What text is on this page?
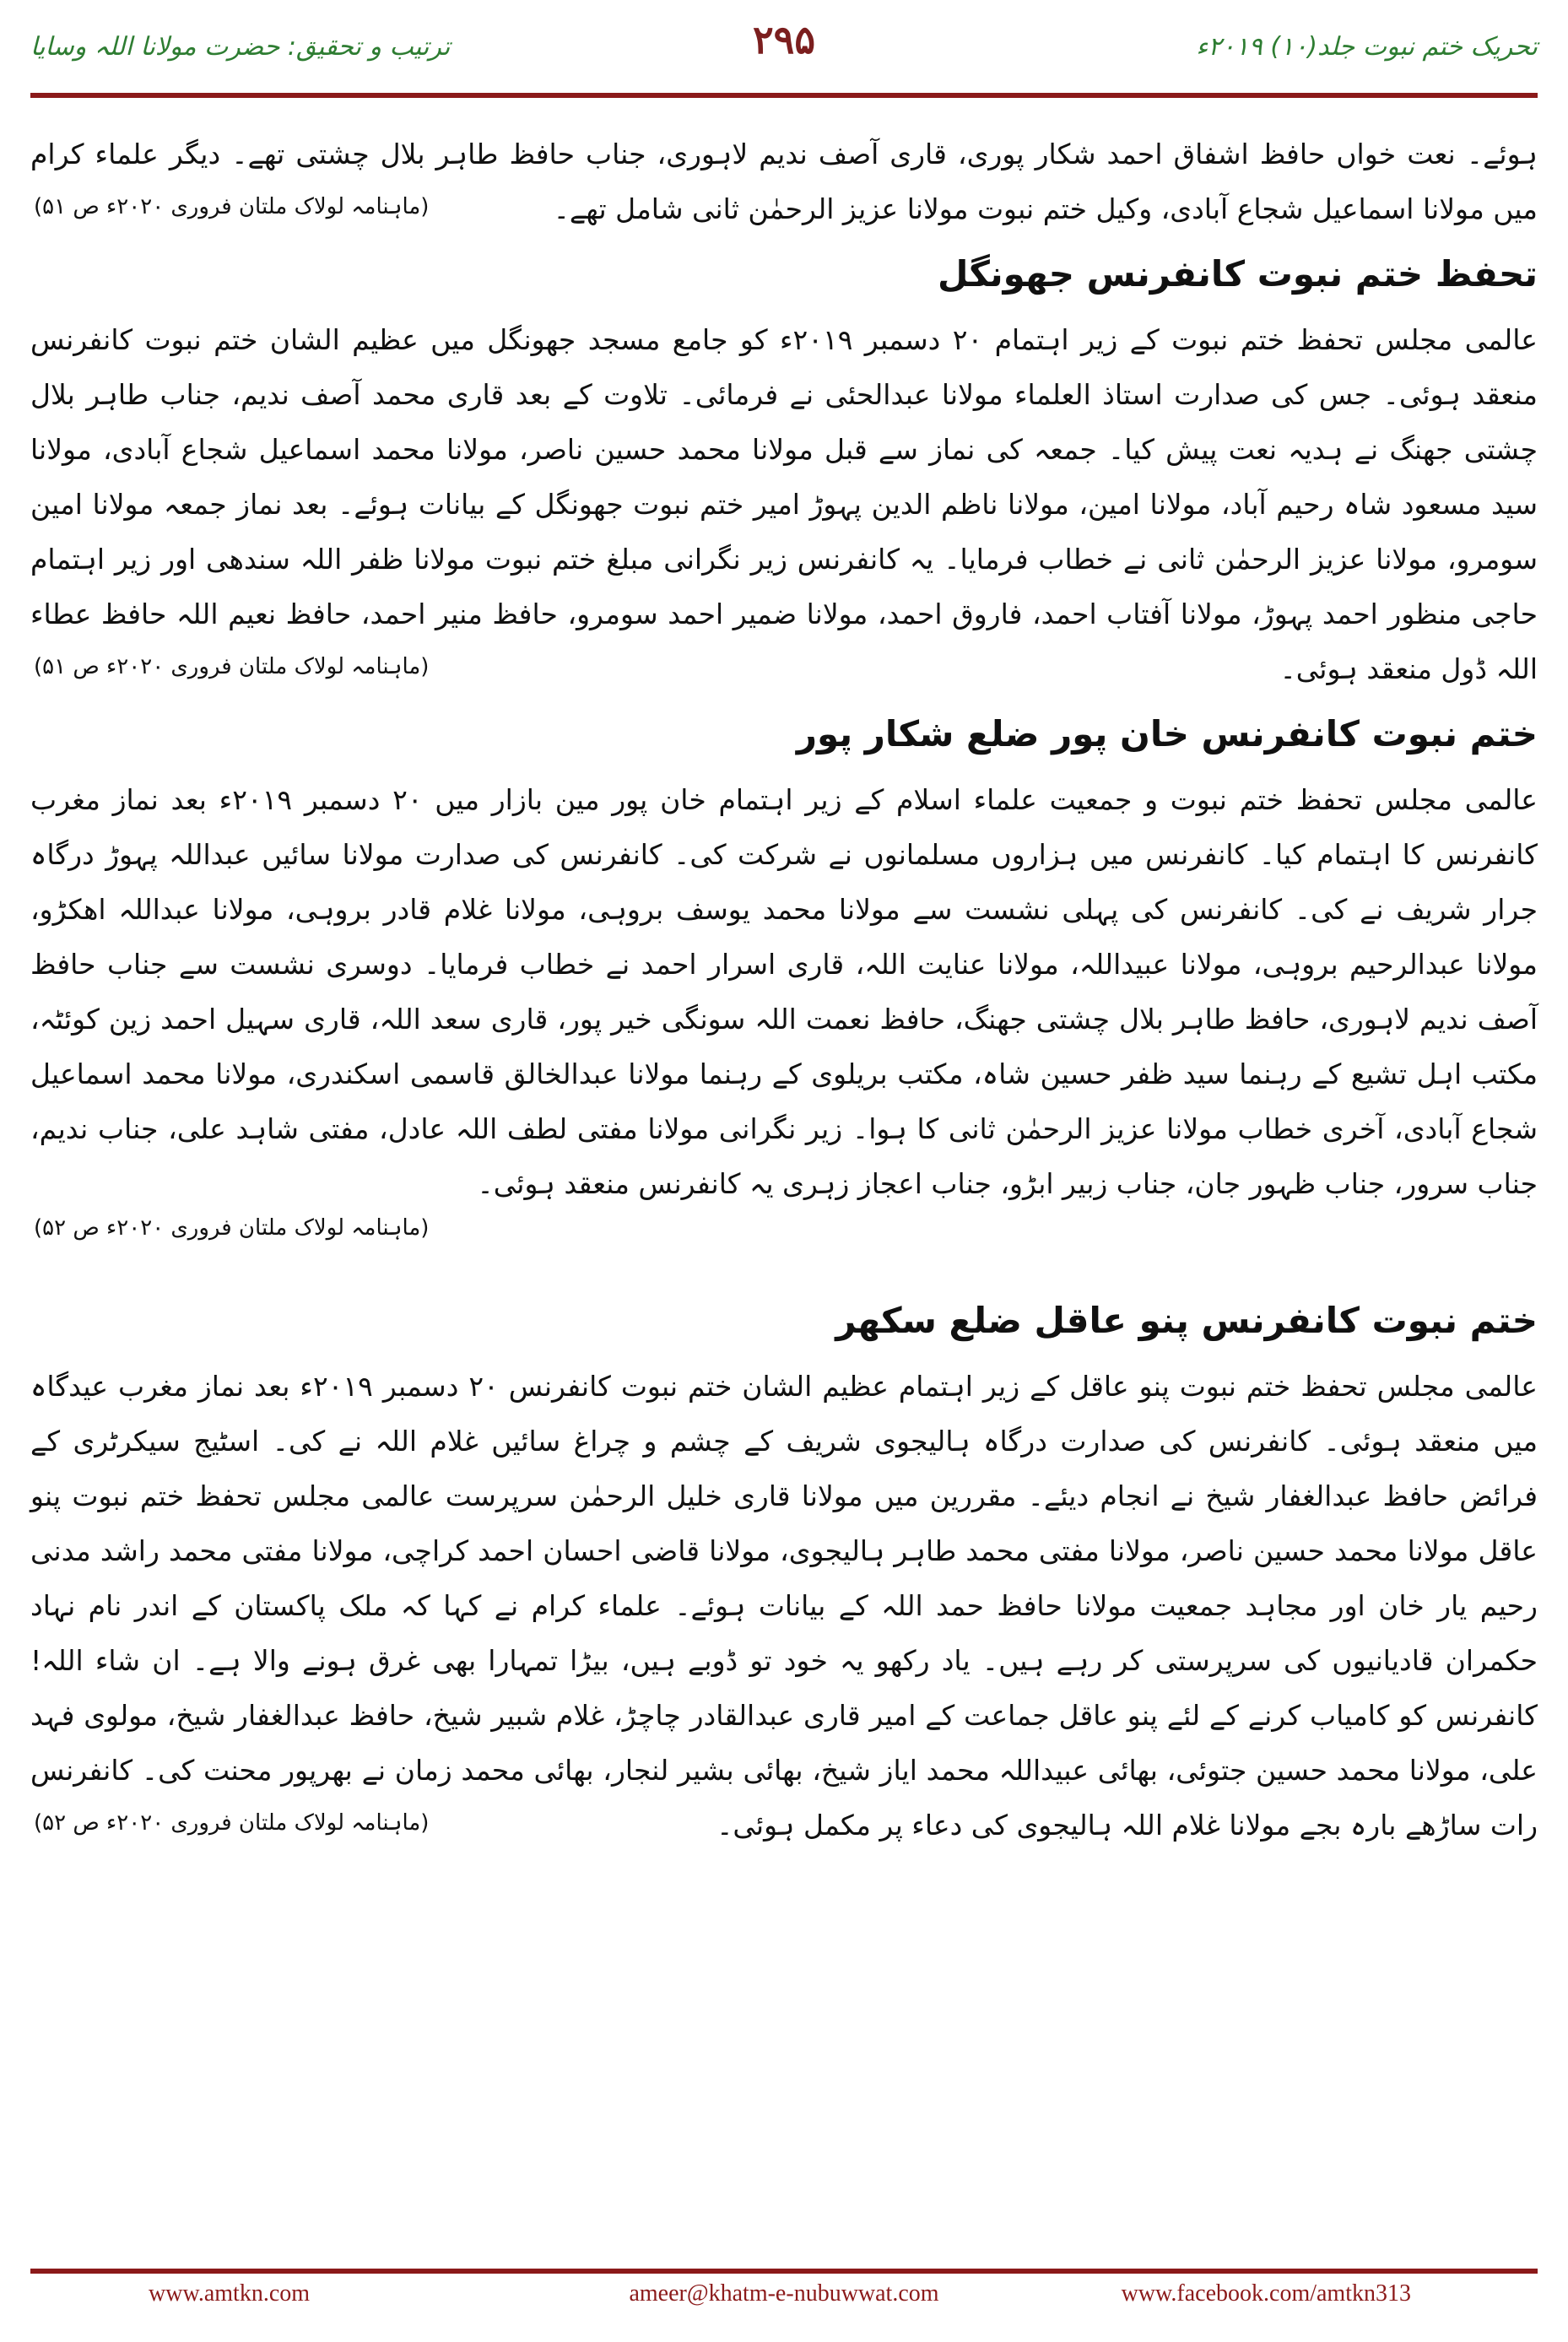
تحریک ختم نبوت جلد(۱۰) ۲۰۱۹ء
۲۹۵
ترتیب و تحقیق: حضرت مولانا اللہ وسایا

ہوئے۔ نعت خواں حافظ اشفاق احمد شکار پوری، قاری آصف ندیم لاہوری، جناب حافظ طاہر بلال چشتی تھے۔ دیگر علماء کرام میں مولانا اسماعیل شجاع آبادی، وکیل ختم نبوت مولانا عزیز الرحمٰن ثانی شامل تھے۔

(ماہنامہ لولاک ملتان فروری ۲۰۲۰ء ص ۵۱)
تحفظ ختم نبوت کانفرنس جھونگل

عالمی مجلس تحفظ ختم نبوت کے زیر اہتمام ۲۰ دسمبر ۲۰۱۹ء کو جامع مسجد جھونگل میں عظیم الشان ختم نبوت کانفرنس منعقد ہوئی۔ جس کی صدارت استاذ العلماء مولانا عبدالحئی نے فرمائی۔ تلاوت کے بعد قاری محمد آصف ندیم، جناب طاہر بلال چشتی جھنگ نے ہدیہ نعت پیش کیا۔ جمعہ کی نماز سے قبل مولانا محمد حسین ناصر، مولانا محمد اسماعیل شجاع آبادی، مولانا سید مسعود شاہ رحیم آباد، مولانا امین، مولانا ناظم الدین پہوڑ امیر ختم نبوت جھونگل کے بیانات ہوئے۔ بعد نماز جمعہ مولانا امین سومرو، مولانا عزیز الرحمٰن ثانی نے خطاب فرمایا۔ یہ کانفرنس زیر نگرانی مبلغ ختم نبوت مولانا ظفر اللہ سندھی اور زیر اہتمام حاجی منظور احمد پہوڑ، مولانا آفتاب احمد، فاروق احمد، مولانا ضمیر احمد سومرو، حافظ منیر احمد، حافظ نعیم اللہ حافظ عطاء اللہ ڈول منعقد ہوئی۔

(ماہنامہ لولاک ملتان فروری ۲۰۲۰ء ص ۵۱)
ختم نبوت کانفرنس خان پور ضلع شکار پور

عالمی مجلس تحفظ ختم نبوت و جمعیت علماء اسلام کے زیر اہتمام خان پور مین بازار میں ۲۰ دسمبر ۲۰۱۹ء بعد نماز مغرب کانفرنس کا اہتمام کیا۔ کانفرنس میں ہزاروں مسلمانوں نے شرکت کی۔ کانفرنس کی صدارت مولانا سائیں عبداللہ پہوڑ درگاہ جرار شریف نے کی۔ کانفرنس کی پہلی نشست سے مولانا محمد یوسف بروہی، مولانا غلام قادر بروہی، مولانا عبداللہ اھکڑو، مولانا عبدالرحیم بروہی، مولانا عبیداللہ، مولانا عنایت اللہ، قاری اسرار احمد نے خطاب فرمایا۔ دوسری نشست سے جناب حافظ آصف ندیم لاہوری، حافظ طاہر بلال چشتی جھنگ، حافظ نعمت اللہ سونگی خیر پور، قاری سعد اللہ، قاری سہیل احمد زین کوئٹہ، مکتب اہل تشیع کے رہنما سید ظفر حسین شاہ، مکتب بریلوی کے رہنما مولانا عبدالخالق قاسمی اسکندری، مولانا محمد اسماعیل شجاع آبادی، آخری خطاب مولانا عزیز الرحمٰن ثانی کا ہوا۔ زیر نگرانی مولانا مفتی لطف اللہ عادل، مفتی شاہد علی، جناب ندیم، جناب سرور، جناب ظہور جان، جناب زبیر ابڑو، جناب اعجاز زہری یہ کانفرنس منعقد ہوئی۔

(ماہنامہ لولاک ملتان فروری ۲۰۲۰ء ص ۵۲)
ختم نبوت کانفرنس پنو عاقل ضلع سکھر

عالمی مجلس تحفظ ختم نبوت پنو عاقل کے زیر اہتمام عظیم الشان ختم نبوت کانفرنس ۲۰ دسمبر ۲۰۱۹ء بعد نماز مغرب عیدگاہ میں منعقد ہوئی۔ کانفرنس کی صدارت درگاہ ہالیجوی شریف کے چشم و چراغ سائیں غلام اللہ نے کی۔ اسٹیج سیکرٹری کے فرائض حافظ عبدالغفار شیخ نے انجام دیئے۔ مقررین میں مولانا قاری خلیل الرحمٰن سرپرست عالمی مجلس تحفظ ختم نبوت پنو عاقل مولانا محمد حسین ناصر، مولانا مفتی محمد طاہر ہالیجوی، مولانا قاضی احسان احمد کراچی، مولانا مفتی محمد راشد مدنی رحیم یار خان اور مجاہد جمعیت مولانا حافظ حمد اللہ کے بیانات ہوئے۔ علماء کرام نے کہا کہ ملک پاکستان کے اندر نام نہاد حکمران قادیانیوں کی سرپرستی کر رہے ہیں۔ یاد رکھو یہ خود تو ڈوبے ہیں، بیڑا تمہارا بھی غرق ہونے والا ہے۔ ان شاء اللہ! کانفرنس کو کامیاب کرنے کے لئے پنو عاقل جماعت کے امیر قاری عبدالقادر چاچڑ، غلام شبیر شیخ، حافظ عبدالغفار شیخ، مولوی فہد علی، مولانا محمد حسین جتوئی، بھائی عبیداللہ محمد ایاز شیخ، بھائی بشیر لنجار، بھائی محمد زمان نے بھرپور محنت کی۔ کانفرنس رات ساڑھے بارہ بجے مولانا غلام اللہ ہالیجوی کی دعاء پر مکمل ہوئی۔

(ماہنامہ لولاک ملتان فروری ۲۰۲۰ء ص ۵۲)
www.amtkn.com	ameer@khatm-e-nubuwwat.com	www.facebook.com/amtkn313
